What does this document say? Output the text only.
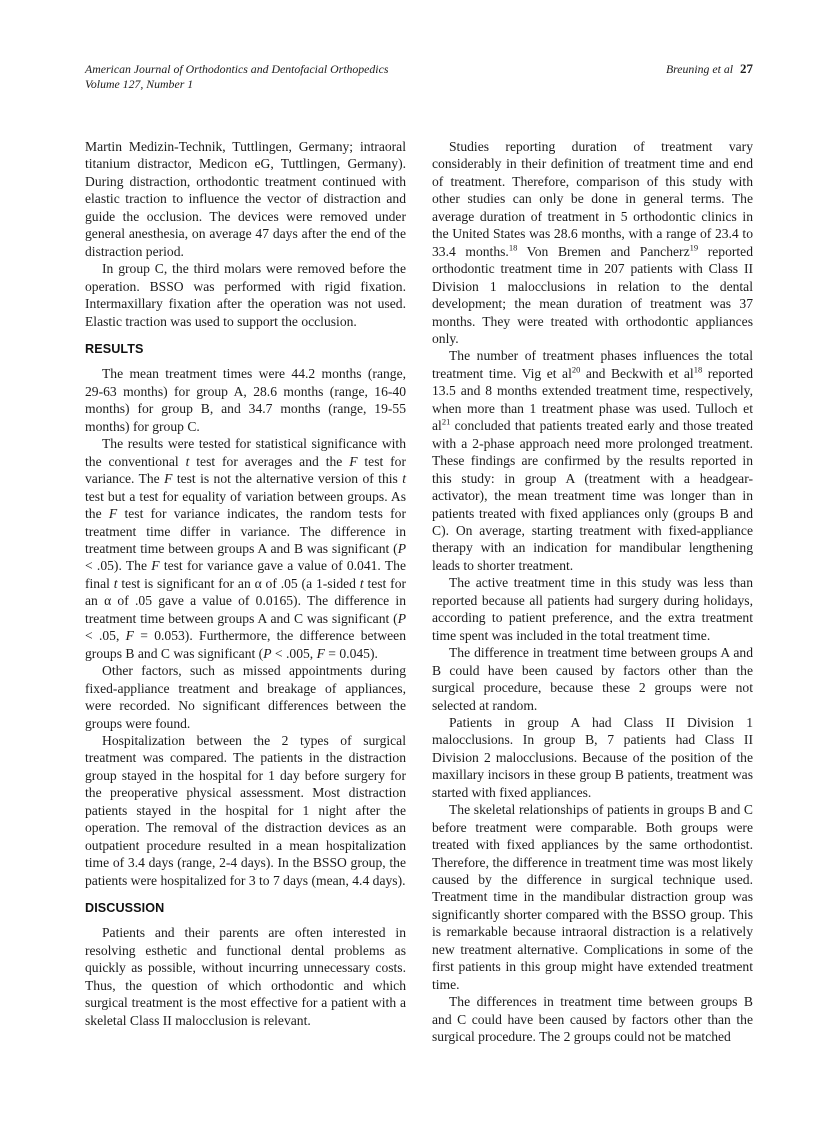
American Journal of Orthodontics and Dentofacial Orthopedics
Volume 127, Number 1
Breuning et al 27

Martin Medizin-Technik, Tuttlingen, Germany; intraoral titanium distractor, Medicon eG, Tuttlingen, Germany). During distraction, orthodontic treatment continued with elastic traction to influence the vector of distraction and guide the occlusion. The devices were removed under general anesthesia, on average 47 days after the end of the distraction period.

In group C, the third molars were removed before the operation. BSSO was performed with rigid fixation. Intermaxillary fixation after the operation was not used. Elastic traction was used to support the occlusion.

RESULTS

The mean treatment times were 44.2 months (range, 29-63 months) for group A, 28.6 months (range, 16-40 months) for group B, and 34.7 months (range, 19-55 months) for group C.

The results were tested for statistical significance with the conventional t test for averages and the F test for variance. The F test is not the alternative version of this t test but a test for equality of variation between groups. As the F test for variance indicates, the random tests for treatment time differ in variance. The difference in treatment time between groups A and B was significant (P < .05). The F test for variance gave a value of 0.041. The final t test is significant for an α of .05 (a 1-sided t test for an α of .05 gave a value of 0.0165). The difference in treatment time between groups A and C was significant (P < .05, F = 0.053). Furthermore, the difference between groups B and C was significant (P < .005, F = 0.045).

Other factors, such as missed appointments during fixed-appliance treatment and breakage of appliances, were recorded. No significant differences between the groups were found.

Hospitalization between the 2 types of surgical treatment was compared. The patients in the distraction group stayed in the hospital for 1 day before surgery for the preoperative physical assessment. Most distraction patients stayed in the hospital for 1 night after the operation. The removal of the distraction devices as an outpatient procedure resulted in a mean hospitalization time of 3.4 days (range, 2-4 days). In the BSSO group, the patients were hospitalized for 3 to 7 days (mean, 4.4 days).

DISCUSSION

Patients and their parents are often interested in resolving esthetic and functional dental problems as quickly as possible, without incurring unnecessary costs. Thus, the question of which orthodontic and which surgical treatment is the most effective for a patient with a skeletal Class II malocclusion is relevant.

Studies reporting duration of treatment vary considerably in their definition of treatment time and end of treatment. Therefore, comparison of this study with other studies can only be done in general terms. The average duration of treatment in 5 orthodontic clinics in the United States was 28.6 months, with a range of 23.4 to 33.4 months.$^{18}$ Von Bremen and Pancherz$^{19}$ reported orthodontic treatment time in 207 patients with Class II Division 1 malocclusions in relation to the dental development; the mean duration of treatment was 37 months. They were treated with orthodontic appliances only.

The number of treatment phases influences the total treatment time. Vig et $al^{20}$ and Beckwith et $al^{18}$ reported 13.5 and 8 months extended treatment time, respectively, when more than 1 treatment phase was used. Tulloch et $al^{21}$ concluded that patients treated early and those treated with a 2-phase approach need more prolonged treatment. These findings are confirmed by the results reported in this study: in group A (treatment with a headgear-activator), the mean treatment time was longer than in patients treated with fixed appliances only (groups B and C). On average, starting treatment with fixed-appliance therapy with an indication for mandibular lengthening leads to shorter treatment.

The active treatment time in this study was less than reported because all patients had surgery during holidays, according to patient preference, and the extra treatment time spent was included in the total treatment time.

The difference in treatment time between groups A and B could have been caused by factors other than the surgical procedure, because these 2 groups were not selected at random.

Patients in group A had Class II Division 1 malocclusions. In group B, 7 patients had Class II Division 2 malocclusions. Because of the position of the maxillary incisors in these group B patients, treatment was started with fixed appliances.

The skeletal relationships of patients in groups B and C before treatment were comparable. Both groups were treated with fixed appliances by the same orthodontist. Therefore, the difference in treatment time was most likely caused by the difference in surgical technique used. Treatment time in the mandibular distraction group was significantly shorter compared with the BSSO group. This is remarkable because intraoral distraction is a relatively new treatment alternative. Complications in some of the first patients in this group might have extended treatment time.

The differences in treatment time between groups B and C could have been caused by factors other than the surgical procedure. The 2 groups could not be matched
